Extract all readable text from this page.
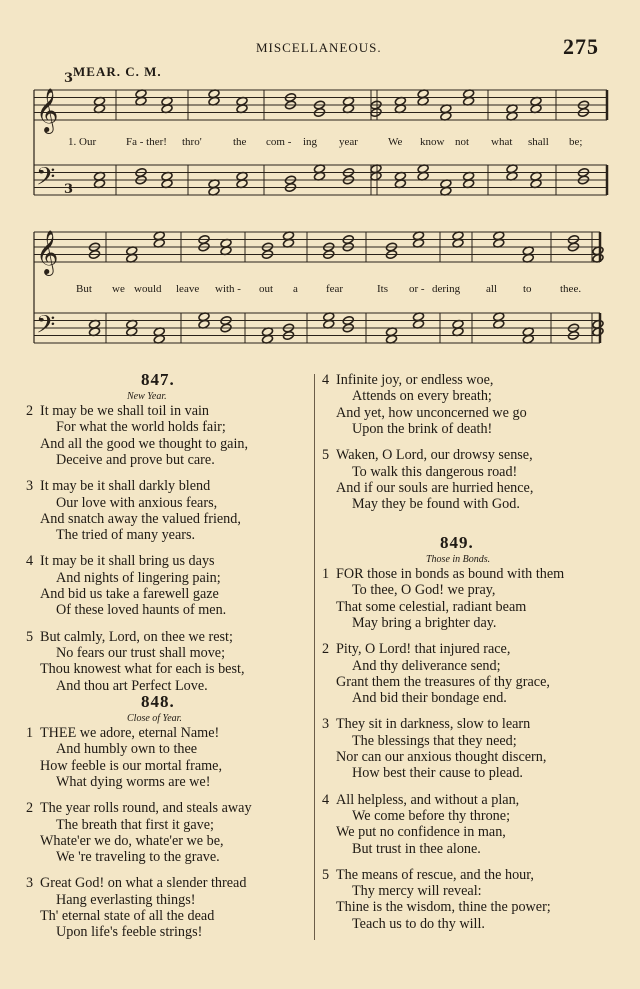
MISCELLANEOUS.	275
MEAR. C. M.
3
3
𝄞
𝄢
𝄞
𝄢
1. Our	Fa - ther! thro'	the com - ing year	We know not what shall be;
But we would leave with - out a	fear	Its or - dering all to	thee.
847.
New Year.
2 It may be we shall toil in vain
For what the world holds fair;
And all the good we thought to gain,
Deceive and prove but care.
3 It may be it shall darkly blend
Our love with anxious fears,
And snatch away the valued friend,
The tried of many years.
4 It may be it shall bring us days
And nights of lingering pain;
And bid us take a farewell gaze
Of these loved haunts of men.
5 But calmly, Lord, on thee we rest;
No fears our trust shall move;
Thou knowest what for each is best,
And thou art Perfect Love.
848.
Close of Year.
1 THEE we adore, eternal Name!
And humbly own to thee
How feeble is our mortal frame,
What dying worms are we!
2 The year rolls round, and steals away
The breath that first it gave;
Whate'er we do, whate'er we be,
We 're traveling to the grave.
3 Great God! on what a slender thread
Hang everlasting things!
Th' eternal state of all the dead
Upon life's feeble strings!
4 Infinite joy, or endless woe,
Attends on every breath;
And yet, how unconcerned we go
Upon the brink of death!
5 Waken, O Lord, our drowsy sense,
To walk this dangerous road!
And if our souls are hurried hence,
May they be found with God.
849.
Those in Bonds.
1 FOR those in bonds as bound with them
To thee, O God! we pray,
That some celestial, radiant beam
May bring a brighter day.
2 Pity, O Lord! that injured race,
And thy deliverance send;
Grant them the treasures of thy grace,
And bid their bondage end.
3 They sit in darkness, slow to learn
The blessings that they need;
Nor can our anxious thought discern,
How best their cause to plead.
4 All helpless, and without a plan,
We come before thy throne;
We put no confidence in man,
But trust in thee alone.
5 The means of rescue, and the hour,
Thy mercy will reveal:
Thine is the wisdom, thine the power;
Teach us to do thy will.
